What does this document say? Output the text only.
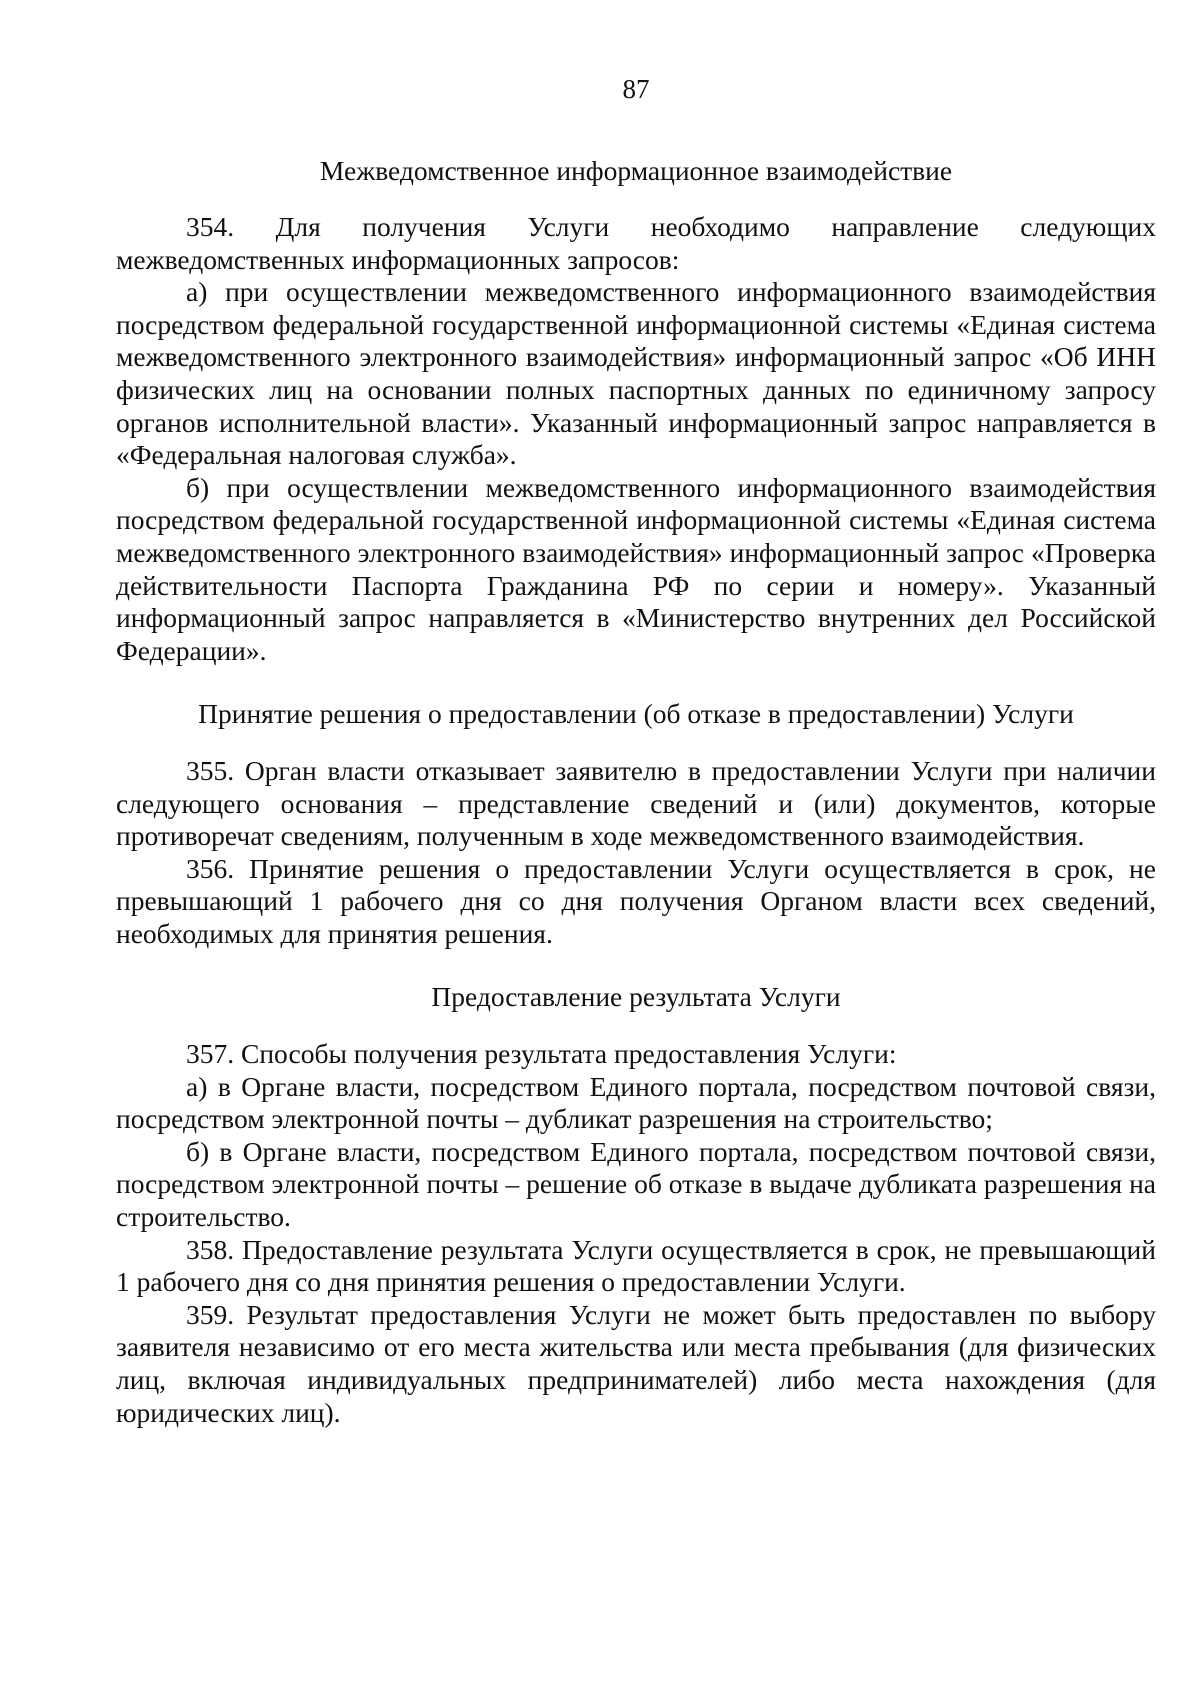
87
Межведомственное информационное взаимодействие

354. Для получения Услуги необходимо направление следующих межведомственных информационных запросов:

а) при осуществлении межведомственного информационного взаимодействия посредством федеральной государственной информационной системы «Единая система межведомственного электронного взаимодействия» информационный запрос «Об ИНН физических лиц на основании полных паспортных данных по единичному запросу органов исполнительной власти». Указанный информационный запрос направляется в «Федеральная налоговая служба».

б) при осуществлении межведомственного информационного взаимодействия посредством федеральной государственной информационной системы «Единая система межведомственного электронного взаимодействия» информационный запрос «Проверка действительности Паспорта Гражданина РФ по серии и номеру». Указанный информационный запрос направляется в «Министерство внутренних дел Российской Федерации».

Принятие решения о предоставлении (об отказе в предоставлении) Услуги

355. Орган власти отказывает заявителю в предоставлении Услуги при наличии следующего основания – представление сведений и (или) документов, которые противоречат сведениям, полученным в ходе межведомственного взаимодействия.

356. Принятие решения о предоставлении Услуги осуществляется в срок, не превышающий 1 рабочего дня со дня получения Органом власти всех сведений, необходимых для принятия решения.

Предоставление результата Услуги

357. Способы получения результата предоставления Услуги:

а) в Органе власти, посредством Единого портала, посредством почтовой связи, посредством электронной почты – дубликат разрешения на строительство;

б) в Органе власти, посредством Единого портала, посредством почтовой связи, посредством электронной почты – решение об отказе в выдаче дубликата разрешения на строительство.

358. Предоставление результата Услуги осуществляется в срок, не превышающий 1 рабочего дня со дня принятия решения о предоставлении Услуги.

359. Результат предоставления Услуги не может быть предоставлен по выбору заявителя независимо от его места жительства или места пребывания (для физических лиц, включая индивидуальных предпринимателей) либо места нахождения (для юридических лиц).
